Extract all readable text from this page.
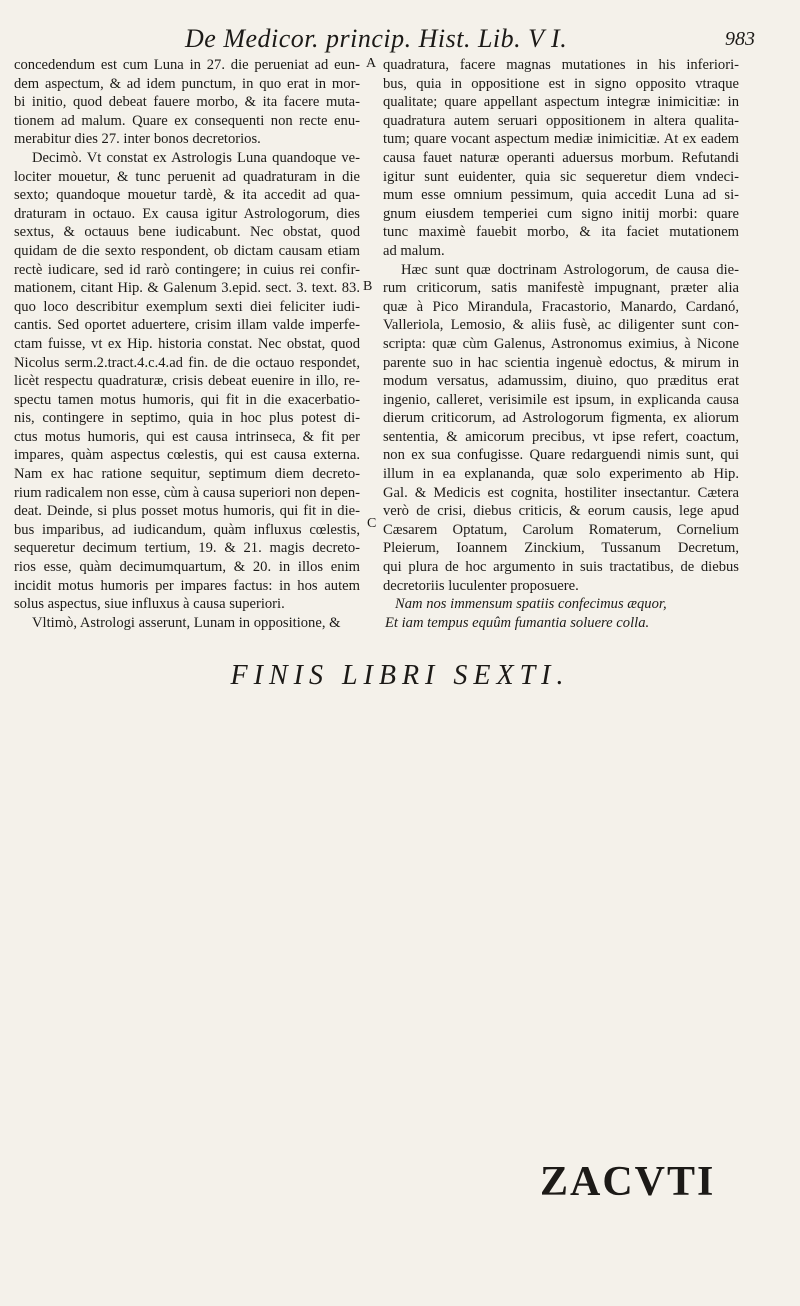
De Medicor. princip. Hist. Lib. V I.	983
concedendum est cum Luna in 27. die perueniat ad eun-
dem aspectum, & ad idem punctum, in quo erat in mor-
bi initio, quod debeat fauere morbo, & ita facere muta-
tionem ad malum. Quare ex consequenti non recte enu-
merabitur dies 27. inter bonos decretorios.
Decimò. Vt constat ex Astrologis Luna quandoque ve-
lociter mouetur, & tunc peruenit ad quadraturam in die
sexto; quandoque mouetur tardè, & ita accedit ad qua-
draturam in octauo. Ex causa igitur Astrologorum, dies
sextus, & octauus bene iudicabunt. Nec obstat, quod
quidam de die sexto respondent, ob dictam causam etiam
rectè iudicare, sed id rarò contingere; in cuius rei confir-
mationem, citant Hip. & Galenum 3.epid. sect. 3. text. 83.
quo loco describitur exemplum sexti diei feliciter iudi-
cantis. Sed oportet aduertere, crisim illam valde imperfe-
ctam fuisse, vt ex Hip. historia constat. Nec obstat, quod
Nicolus serm.2.tract.4.c.4.ad fin. de die octauo respondet,
licèt respectu quadraturæ, crisis debeat euenire in illo, re-
spectu tamen motus humoris, qui fit in die exacerbatio-
nis, contingere in septimo, quia in hoc plus potest di-
ctus motus humoris, qui est causa intrinseca, & fit per
impares, quàm aspectus cœlestis, qui est causa externa.
Nam ex hac ratione sequitur, septimum diem decreto-
rium radicalem non esse, cùm à causa superiori non depen-
deat. Deinde, si plus posset motus humoris, qui fit in die-
bus imparibus, ad iudicandum, quàm influxus cœlestis,
sequeretur decimum tertium, 19. & 21. magis decreto-
rios esse, quàm decimumquartum, & 20. in illos enim
incidit motus humoris per impares factus: in hos autem
solus aspectus, siue influxus à causa superiori.
Vltimò, Astrologi asserunt, Lunam in oppositione, &
quadratura, facere magnas mutationes in his inferiori-
bus, quia in oppositione est in signo opposito vtraque
qualitate; quare appellant aspectum integræ inimicitiæ: in
quadratura autem seruari oppositionem in altera qualita-
tum; quare vocant aspectum mediæ inimicitiæ. At ex eadem
causa fauet naturæ operanti aduersus morbum. Refutandi
igitur sunt euidenter, quia sic sequeretur diem vndeci-
mum esse omnium pessimum, quia accedit Luna ad si-
gnum eiusdem temperiei cum signo initij morbi: quare
tunc maximè fauebit morbo, & ita faciet mutationem
ad malum.
Hæc sunt quæ doctrinam Astrologorum, de causa die-
rum criticorum, satis manifestè impugnant, præter alia
quæ à Pico Mirandula, Fracastorio, Manardo, Cardanó,
Valleriola, Lemosio, & aliis fusè, ac diligenter sunt con-
scripta: quæ cùm Galenus, Astronomus eximius, à Nicone
parente suo in hac scientia ingenuè edoctus, & mirum in
modum versatus, adamussim, diuino, quo præditus erat
ingenio, calleret, verisimile est ipsum, in explicanda causa
dierum criticorum, ad Astrologorum figmenta, ex aliorum
sententia, & amicorum precibus, vt ipse refert, coactum,
non ex sua confugisse. Quare redarguendi nimis sunt, qui
illum in ea explananda, quæ solo experimento ab Hip.
Gal. & Medicis est cognita, hostiliter insectantur. Cætera
verò de crisi, diebus criticis, & eorum causis, lege apud
Cæsarem Optatum, Carolum Romaterum, Cornelium
Pleierum, Ioannem Zinckium, Tussanum Decretum,
qui plura de hoc argumento in suis tractatibus, de diebus
decretoriis luculenter proposuere.
Nam nos immensum spatiis confecimus æquor,
Et iam tempus equûm fumantia soluere colla.
A
B
C
FINIS LIBRI SEXTI.
ZACVTI
